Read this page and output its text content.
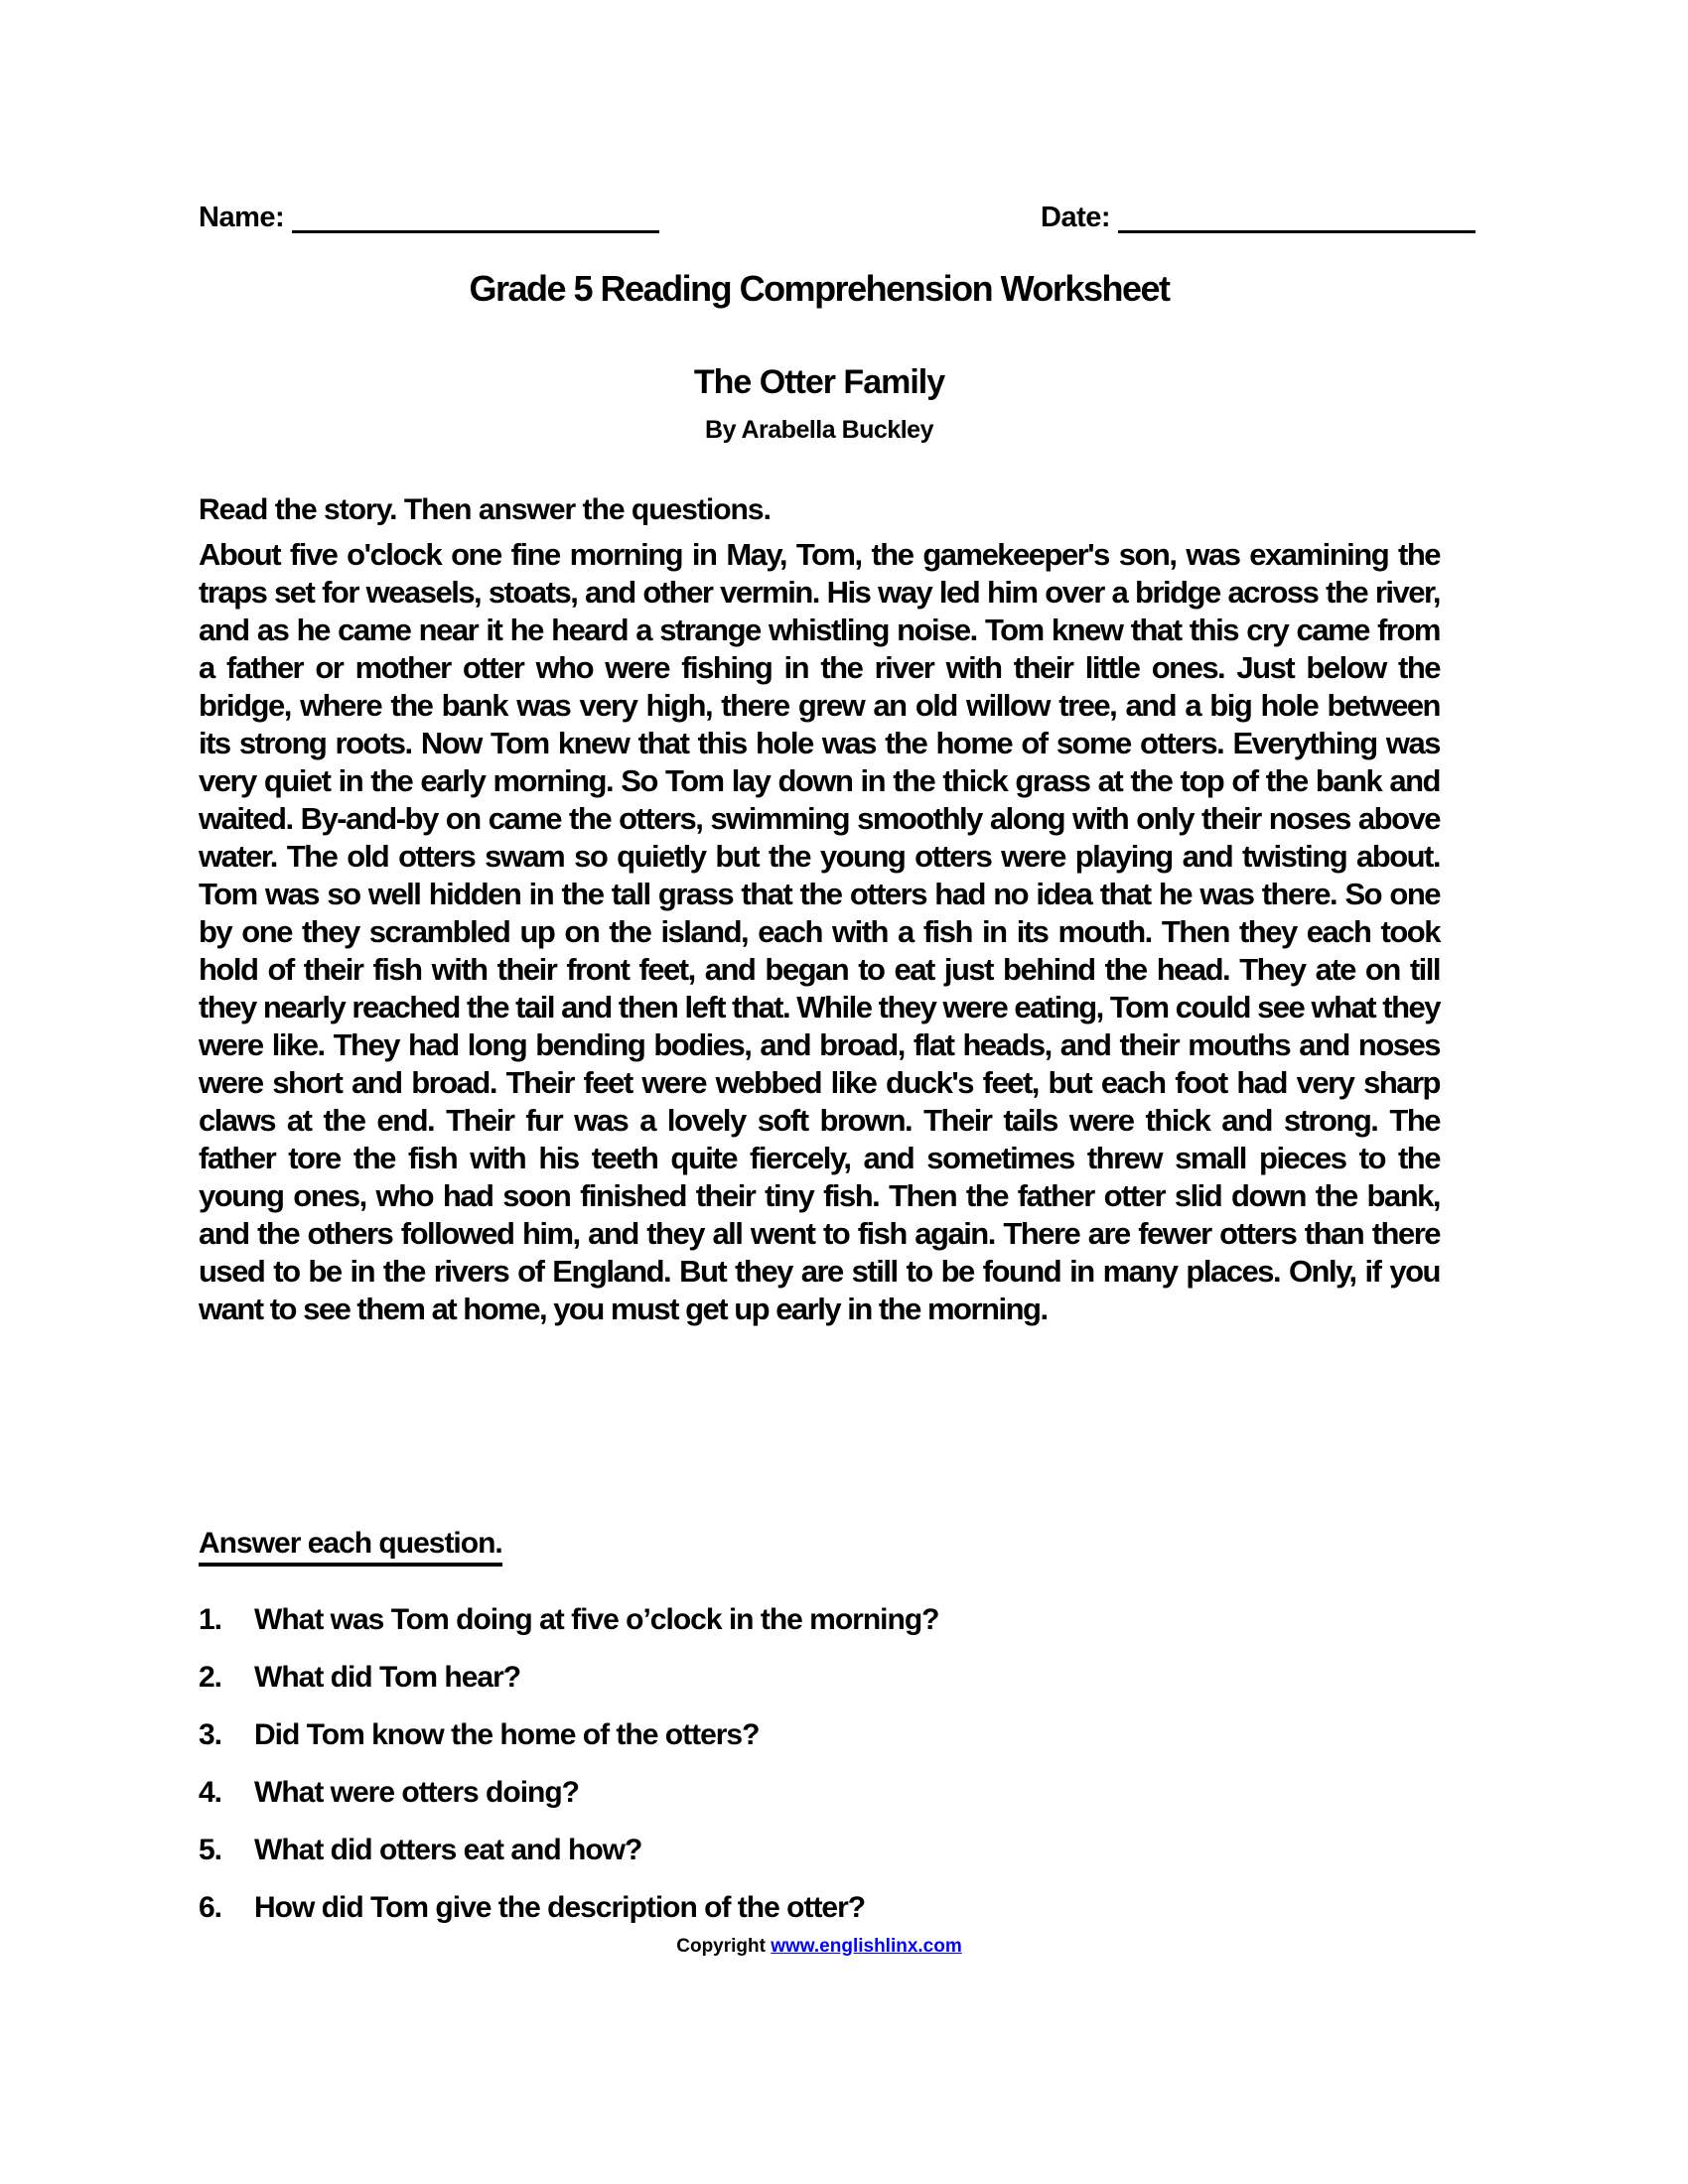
Name:	Date:
Grade 5 Reading Comprehension Worksheet
The Otter Family
By Arabella Buckley
Read the story. Then answer the questions.

About five o'clock one fine morning in May, Tom, the gamekeeper's son, was examining the traps set for weasels, stoats, and other vermin. His way led him over a bridge across the river, and as he came near it he heard a strange whistling noise. Tom knew that this cry came from a father or mother otter who were fishing in the river with their little ones. Just below the bridge, where the bank was very high, there grew an old willow tree, and a big hole between its strong roots. Now Tom knew that this hole was the home of some otters. Everything was very quiet in the early morning. So Tom lay down in the thick grass at the top of the bank and waited. By-and-by on came the otters, swimming smoothly along with only their noses above water. The old otters swam so quietly but the young otters were playing and twisting about. Tom was so well hidden in the tall grass that the otters had no idea that he was there. So one by one they scrambled up on the island, each with a fish in its mouth. Then they each took hold of their fish with their front feet, and began to eat just behind the head. They ate on till they nearly reached the tail and then left that. While they were eating, Tom could see what they were like. They had long bending bodies, and broad, flat heads, and their mouths and noses were short and broad. Their feet were webbed like duck's feet, but each foot had very sharp claws at the end. Their fur was a lovely soft brown. Their tails were thick and strong. The father tore the fish with his teeth quite fiercely, and sometimes threw small pieces to the young ones, who had soon finished their tiny fish. Then the father otter slid down the bank, and the others followed him, and they all went to fish again. There are fewer otters than there used to be in the rivers of England. But they are still to be found in many places. Only, if you want to see them at home, you must get up early in the morning.

Answer each question.
1.	What was Tom doing at five o’clock in the morning?
2.	What did Tom hear?
3.	Did Tom know the home of the otters?
4.	What were otters doing?
5.	What did otters eat and how?
6.	How did Tom give the description of the otter?
Copyright www.englishlinx.com
